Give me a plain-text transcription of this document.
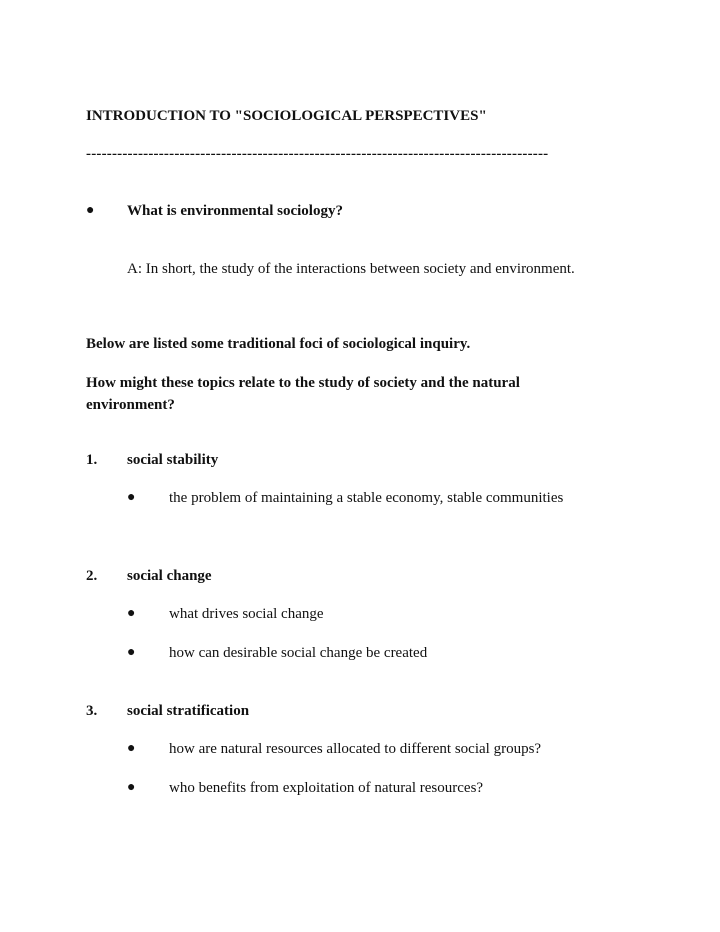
INTRODUCTION TO "SOCIOLOGICAL PERSPECTIVES"
-----------------------------------------------------------------------------------------
● What is environmental sociology?
A: In short, the study of the interactions between society and environment.
Below are listed some traditional foci of sociological inquiry.
How might these topics relate to the study of society and the natural
environment?
1. social stability
● the problem of maintaining a stable economy, stable communities
2. social change
● what drives social change
● how can desirable social change be created
3. social stratification
● how are natural resources allocated to different social groups?
● who benefits from exploitation of natural resources?
